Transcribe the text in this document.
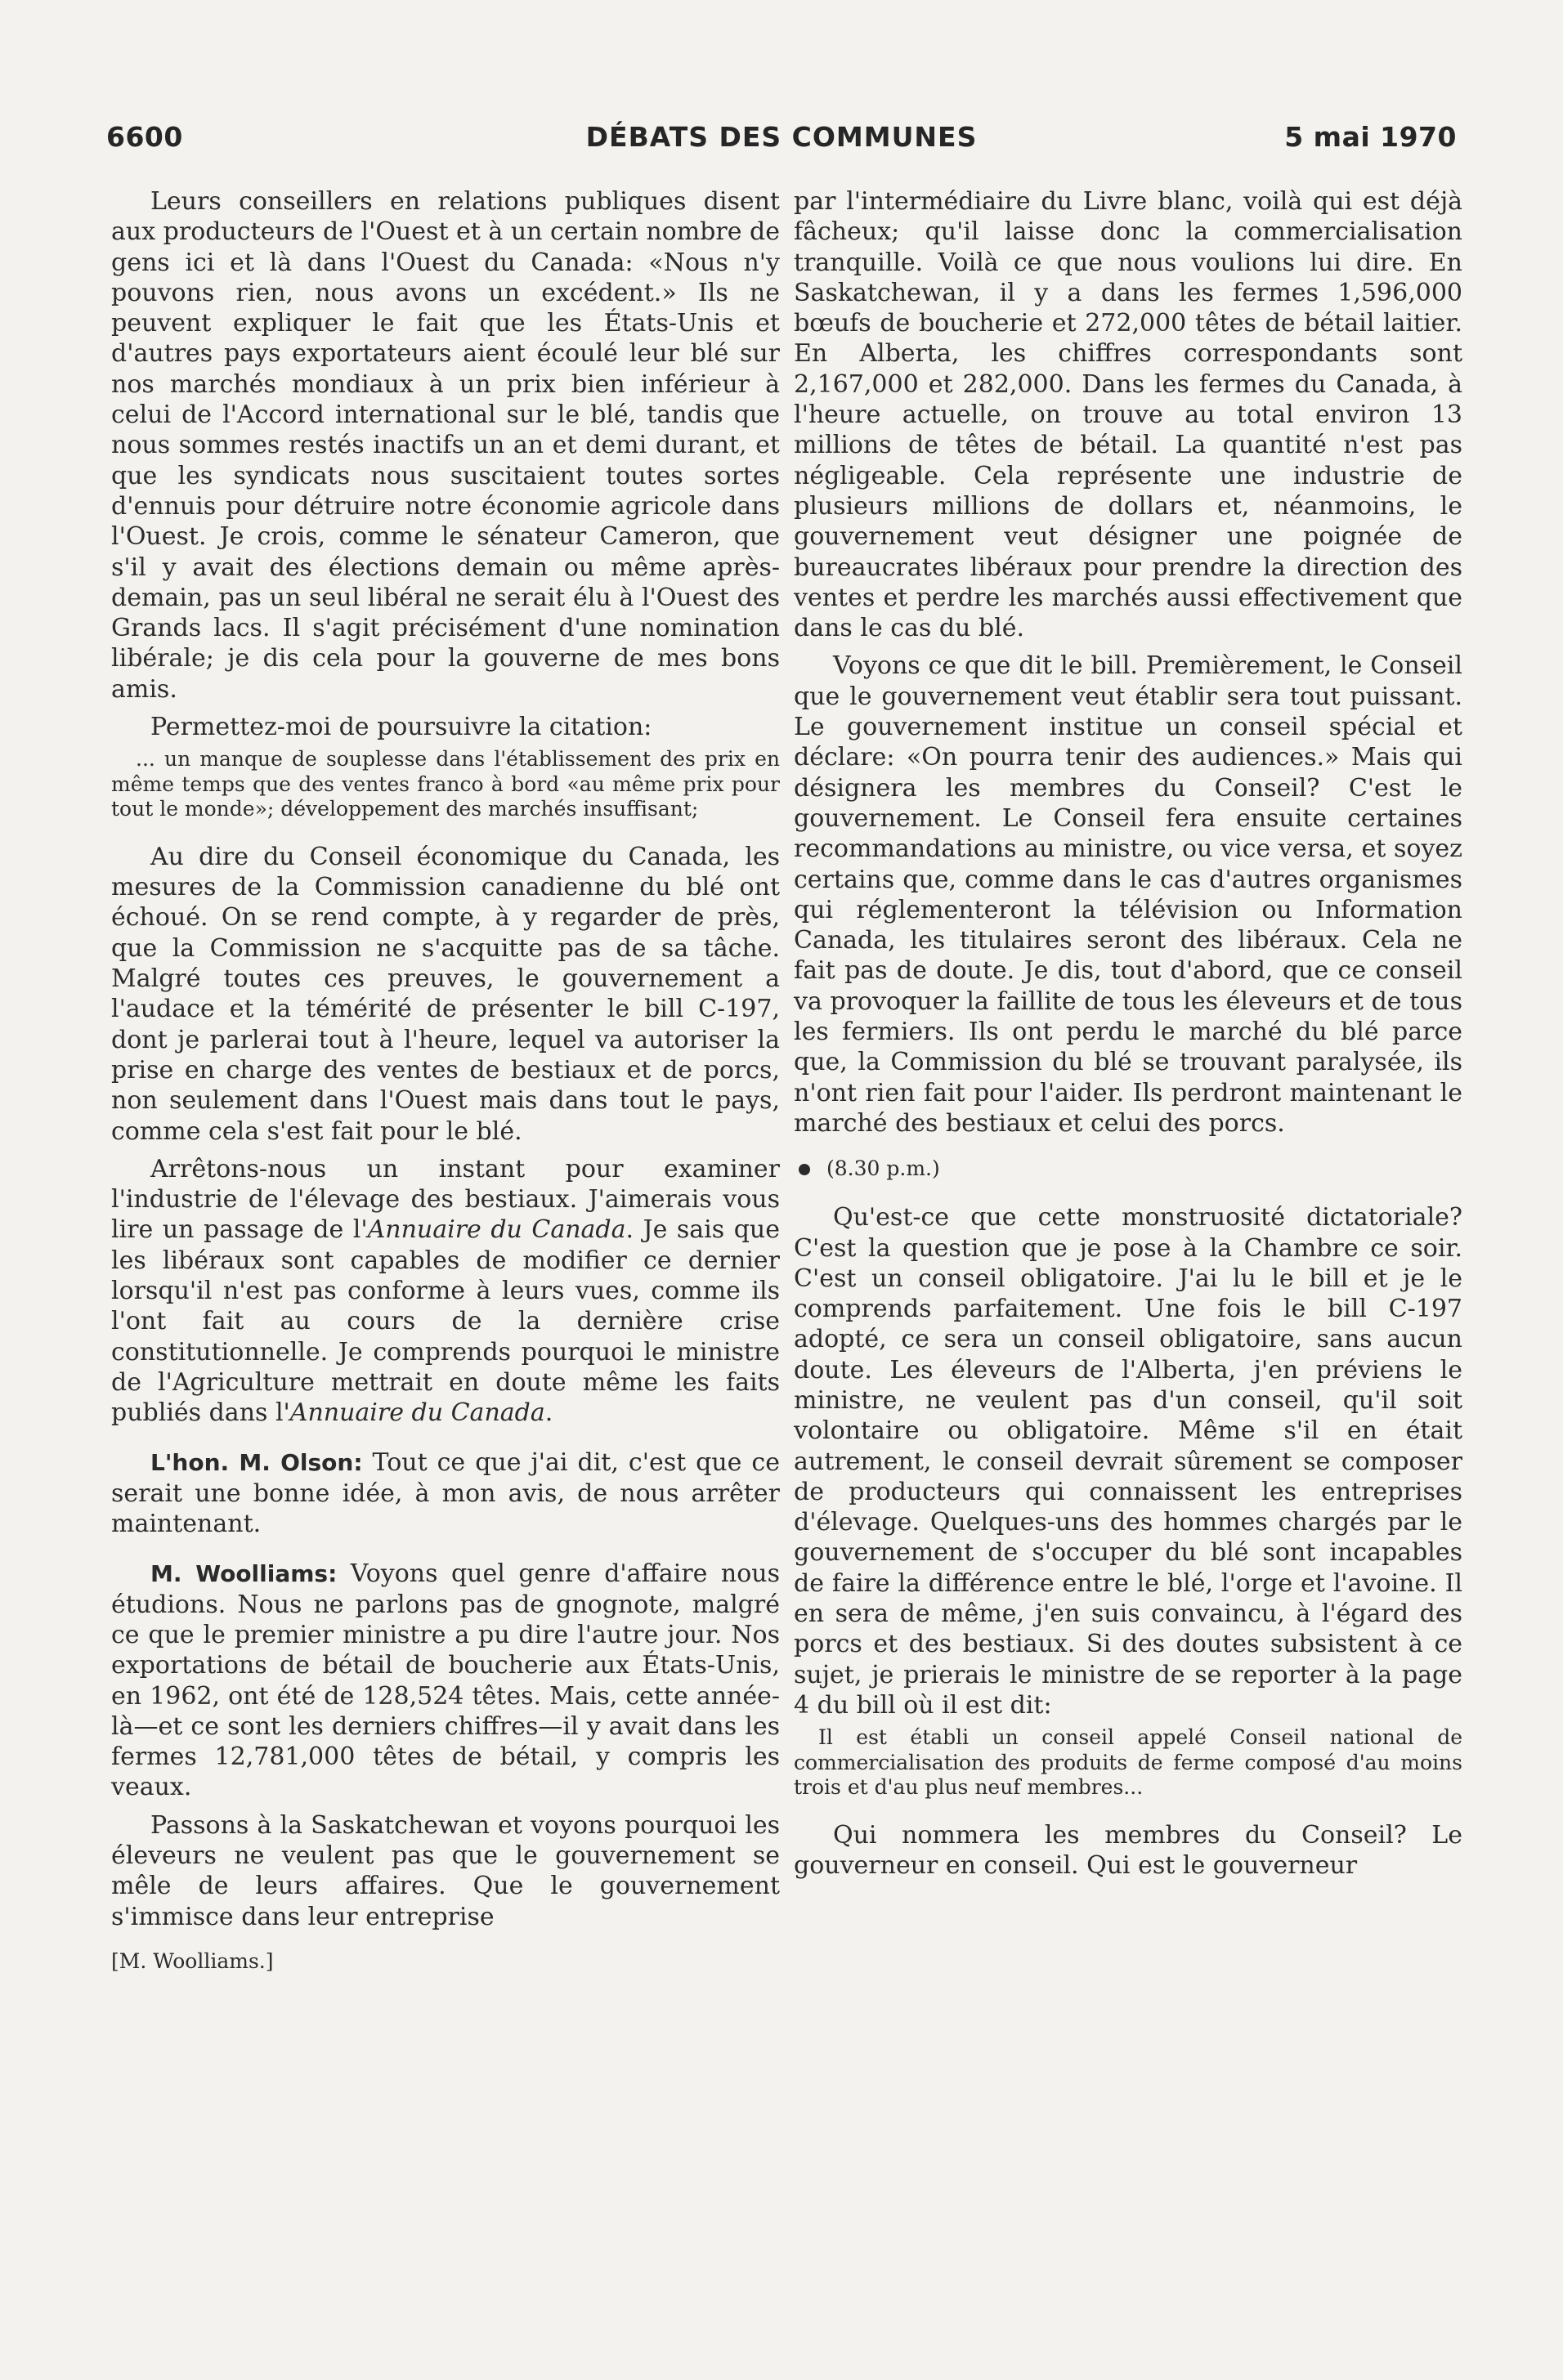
6600	DÉBATS DES COMMUNES	5 mai 1970

Leurs conseillers en relations publiques disent aux producteurs de l'Ouest et à un certain nombre de gens ici et là dans l'Ouest du Canada: «Nous n'y pouvons rien, nous avons un excédent.» Ils ne peuvent expliquer le fait que les États-Unis et d'autres pays exportateurs aient écoulé leur blé sur nos marchés mondiaux à un prix bien inférieur à celui de l'Accord international sur le blé, tandis que nous sommes restés inactifs un an et demi durant, et que les syndicats nous suscitaient toutes sortes d'ennuis pour détruire notre économie agricole dans l'Ouest. Je crois, comme le sénateur Cameron, que s'il y avait des élections demain ou même après-demain, pas un seul libéral ne serait élu à l'Ouest des Grands lacs. Il s'agit précisément d'une nomination libérale; je dis cela pour la gouverne de mes bons amis.

Permettez-moi de poursuivre la citation:

... un manque de souplesse dans l'établissement des prix en même temps que des ventes franco à bord «au même prix pour tout le monde»; développement des marchés insuffisant;

Au dire du Conseil économique du Canada, les mesures de la Commission canadienne du blé ont échoué. On se rend compte, à y regarder de près, que la Commission ne s'acquitte pas de sa tâche. Malgré toutes ces preuves, le gouvernement a l'audace et la témérité de présenter le bill C-197, dont je parlerai tout à l'heure, lequel va autoriser la prise en charge des ventes de bestiaux et de porcs, non seulement dans l'Ouest mais dans tout le pays, comme cela s'est fait pour le blé.

Arrêtons-nous un instant pour examiner l'industrie de l'élevage des bestiaux. J'aimerais vous lire un passage de l'Annuaire du Canada. Je sais que les libéraux sont capables de modifier ce dernier lorsqu'il n'est pas conforme à leurs vues, comme ils l'ont fait au cours de la dernière crise constitutionnelle. Je comprends pourquoi le ministre de l'Agriculture mettrait en doute même les faits publiés dans l'Annuaire du Canada.

L'hon. M. Olson: Tout ce que j'ai dit, c'est que ce serait une bonne idée, à mon avis, de nous arrêter maintenant.

M. Woolliams: Voyons quel genre d'affaire nous étudions. Nous ne parlons pas de gnognote, malgré ce que le premier ministre a pu dire l'autre jour. Nos exportations de bétail de boucherie aux États-Unis, en 1962, ont été de 128,524 têtes. Mais, cette année-là—et ce sont les derniers chiffres—il y avait dans les fermes 12,781,000 têtes de bétail, y compris les veaux.

Passons à la Saskatchewan et voyons pourquoi les éleveurs ne veulent pas que le gouvernement se mêle de leurs affaires. Que le gouvernement s'immisce dans leur entreprise

[M. Woolliams.]

par l'intermédiaire du Livre blanc, voilà qui est déjà fâcheux; qu'il laisse donc la commercialisation tranquille. Voilà ce que nous voulions lui dire. En Saskatchewan, il y a dans les fermes 1,596,000 bœufs de boucherie et 272,000 têtes de bétail laitier. En Alberta, les chiffres correspondants sont 2,167,000 et 282,000. Dans les fermes du Canada, à l'heure actuelle, on trouve au total environ 13 millions de têtes de bétail. La quantité n'est pas négligeable. Cela représente une industrie de plusieurs millions de dollars et, néanmoins, le gouvernement veut désigner une poignée de bureaucrates libéraux pour prendre la direction des ventes et perdre les marchés aussi effectivement que dans le cas du blé.

Voyons ce que dit le bill. Premièrement, le Conseil que le gouvernement veut établir sera tout puissant. Le gouvernement institue un conseil spécial et déclare: «On pourra tenir des audiences.» Mais qui désignera les membres du Conseil? C'est le gouvernement. Le Conseil fera ensuite certaines recommandations au ministre, ou vice versa, et soyez certains que, comme dans le cas d'autres organismes qui réglementeront la télévision ou Information Canada, les titulaires seront des libéraux. Cela ne fait pas de doute. Je dis, tout d'abord, que ce conseil va provoquer la faillite de tous les éleveurs et de tous les fermiers. Ils ont perdu le marché du blé parce que, la Commission du blé se trouvant paralysée, ils n'ont rien fait pour l'aider. Ils perdront maintenant le marché des bestiaux et celui des porcs.

(8.30 p.m.)

Qu'est-ce que cette monstruosité dictatoriale? C'est la question que je pose à la Chambre ce soir. C'est un conseil obligatoire. J'ai lu le bill et je le comprends parfaitement. Une fois le bill C-197 adopté, ce sera un conseil obligatoire, sans aucun doute. Les éleveurs de l'Alberta, j'en préviens le ministre, ne veulent pas d'un conseil, qu'il soit volontaire ou obligatoire. Même s'il en était autrement, le conseil devrait sûrement se composer de producteurs qui connaissent les entreprises d'élevage. Quelques-uns des hommes chargés par le gouvernement de s'occuper du blé sont incapables de faire la différence entre le blé, l'orge et l'avoine. Il en sera de même, j'en suis convaincu, à l'égard des porcs et des bestiaux. Si des doutes subsistent à ce sujet, je prierais le ministre de se reporter à la page 4 du bill où il est dit:

Il est établi un conseil appelé Conseil national de commercialisation des produits de ferme composé d'au moins trois et d'au plus neuf membres...

Qui nommera les membres du Conseil? Le gouverneur en conseil. Qui est le gouverneur
